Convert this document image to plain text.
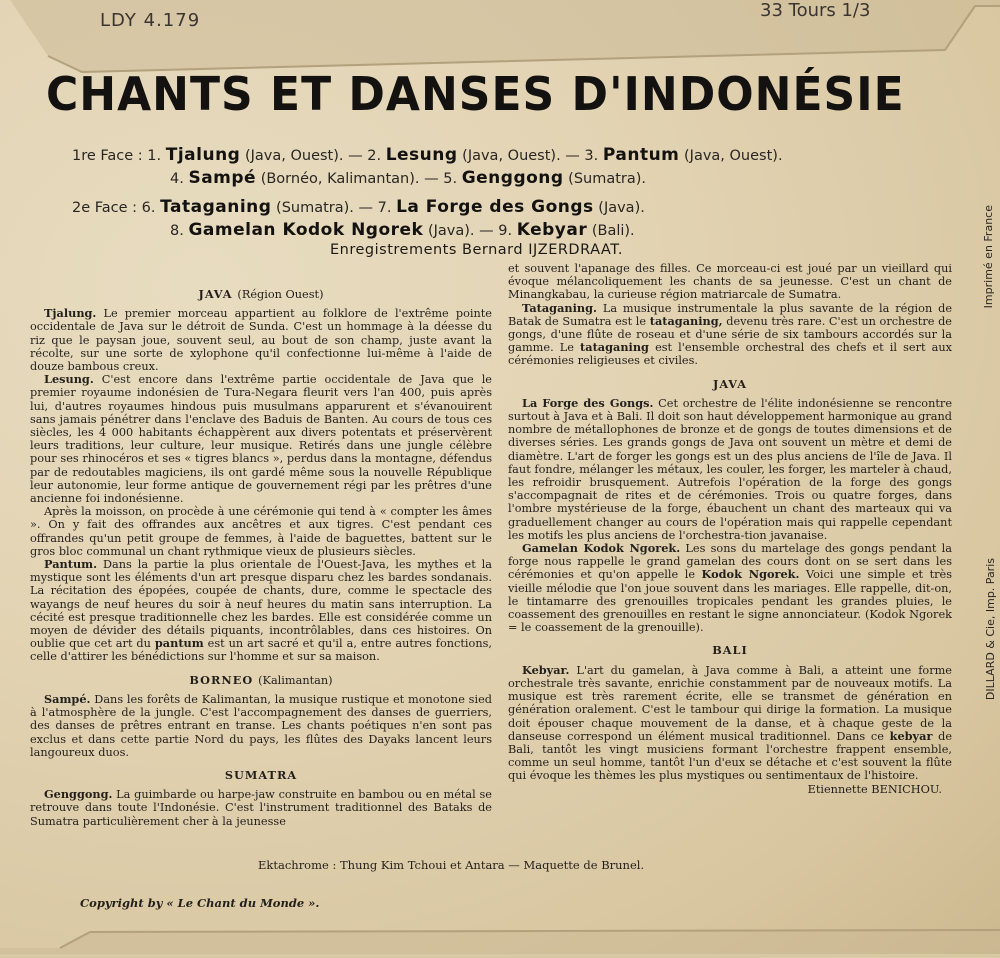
LDY 4.179	33 Tours 1/3
CHANTS ET DANSES D'INDONÉSIE
1re Face : 1. Tjalung (Java, Ouest). — 2. Lesung (Java, Ouest). — 3. Pantum (Java, Ouest).
4. Sampé (Bornéo, Kalimantan). — 5. Genggong (Sumatra).
2e Face : 6. Tataganing (Sumatra). — 7. La Forge des Gongs (Java).
8. Gamelan Kodok Ngorek (Java). — 9. Kebyar (Bali).
Enregistrements Bernard IJZERDRAAT.
JAVA (Région Ouest)

Tjalung. Le premier morceau appartient au folklore de l'extrême pointe occidentale de Java sur le détroit de Sunda. C'est un hommage à la déesse du riz que le paysan joue, souvent seul, au bout de son champ, juste avant la récolte, sur une sorte de xylophone qu'il confectionne lui-même à l'aide de douze bambous creux.

Lesung. C'est encore dans l'extrême partie occidentale de Java que le premier royaume indonésien de Tura-Negara fleurit vers l'an 400, puis après lui, d'autres royaumes hindous puis musulmans apparurent et s'évanouirent sans jamais pénétrer dans l'enclave des Baduis de Banten. Au cours de tous ces siècles, les 4 000 habitants échappèrent aux divers potentats et préservèrent leurs traditions, leur culture, leur musique. Retirés dans une jungle célèbre pour ses rhinocéros et ses « tigres blancs », perdus dans la montagne, défendus par de redoutables magiciens, ils ont gardé même sous la nouvelle République leur autonomie, leur forme antique de gouvernement régi par les prêtres d'une ancienne foi indonésienne.

Après la moisson, on procède à une cérémonie qui tend à « compter les âmes ». On y fait des offrandes aux ancêtres et aux tigres. C'est pendant ces offrandes qu'un petit groupe de femmes, à l'aide de baguettes, battent sur le gros bloc communal un chant rythmique vieux de plusieurs siècles.

Pantum. Dans la partie la plus orientale de l'Ouest-Java, les mythes et la mystique sont les éléments d'un art presque disparu chez les bardes sondanais. La récitation des épopées, coupée de chants, dure, comme le spectacle des wayangs de neuf heures du soir à neuf heures du matin sans interruption. La cécité est presque traditionnelle chez les bardes. Elle est considérée comme un moyen de dévider des détails piquants, incontrôlables, dans ces histoires. On oublie que cet art du pantum est un art sacré et qu'il a, entre autres fonctions, celle d'attirer les bénédictions sur l'homme et sur sa maison.

BORNEO (Kalimantan)

Sampé. Dans les forêts de Kalimantan, la musique rustique et monotone sied à l'atmosphère de la jungle. C'est l'accompagnement des danses de guerriers, des danses de prêtres entrant en transe. Les chants poétiques n'en sont pas exclus et dans cette partie Nord du pays, les flûtes des Dayaks lancent leurs langoureux duos.

SUMATRA

Genggong. La guimbarde ou harpe-jaw construite en bambou ou en métal se retrouve dans toute l'Indonésie. C'est l'instrument traditionnel des Bataks de Sumatra particulièrement cher à la jeunesse

et souvent l'apanage des filles. Ce morceau-ci est joué par un vieillard qui évoque mélancoliquement les chants de sa jeunesse. C'est un chant de Minangkabau, la curieuse région matriarcale de Sumatra.

Tataganing. La musique instrumentale la plus savante de la région de Batak de Sumatra est le tataganing, devenu très rare. C'est un orchestre de gongs, d'une flûte de roseau et d'une série de six tambours accordés sur la gamme. Le tataganing est l'ensemble orchestral des chefs et il sert aux cérémonies religieuses et civiles.

JAVA

La Forge des Gongs. Cet orchestre de l'élite indonésienne se rencontre surtout à Java et à Bali. Il doit son haut développement harmonique au grand nombre de métallophones de bronze et de gongs de toutes dimensions et de diverses séries. Les grands gongs de Java ont souvent un mètre et demi de diamètre. L'art de forger les gongs est un des plus anciens de l'île de Java. Il faut fondre, mélanger les métaux, les couler, les forger, les marteler à chaud, les refroidir brusquement. Autrefois l'opération de la forge des gongs s'accompagnait de rites et de cérémonies. Trois ou quatre forges, dans l'ombre mystérieuse de la forge, ébauchent un chant des marteaux qui va graduellement changer au cours de l'opération mais qui rappelle cependant les motifs les plus anciens de l'orchestra-tion javanaise.

Gamelan Kodok Ngorek. Les sons du martelage des gongs pendant la forge nous rappelle le grand gamelan des cours dont on se sert dans les cérémonies et qu'on appelle le Kodok Ngorek. Voici une simple et très vieille mélodie que l'on joue souvent dans les mariages. Elle rappelle, dit-on, le tintamarre des grenouilles tropicales pendant les grandes pluies, le coassement des grenouilles en restant le signe annonciateur. (Kodok Ngorek = le coassement de la grenouille).

BALI

Kebyar. L'art du gamelan, à Java comme à Bali, a atteint une forme orchestrale très savante, enrichie constamment par de nouveaux motifs. La musique est très rarement écrite, elle se transmet de génération en génération oralement. C'est le tambour qui dirige la formation. La musique doit épouser chaque mouvement de la danse, et à chaque geste de la danseuse correspond un élément musical traditionnel. Dans ce kebyar de Bali, tantôt les vingt musiciens formant l'orchestre frappent ensemble, comme un seul homme, tantôt l'un d'eux se détache et c'est souvent la flûte qui évoque les thèmes les plus mystiques ou sentimentaux de l'histoire.

Etiennette BENICHOU.

Ektachrome : Thung Kim Tchoui et Antara — Maquette de Brunel.
Copyright by « Le Chant du Monde ».
Imprimé en France
DILLARD & Cie, Imp. Paris
